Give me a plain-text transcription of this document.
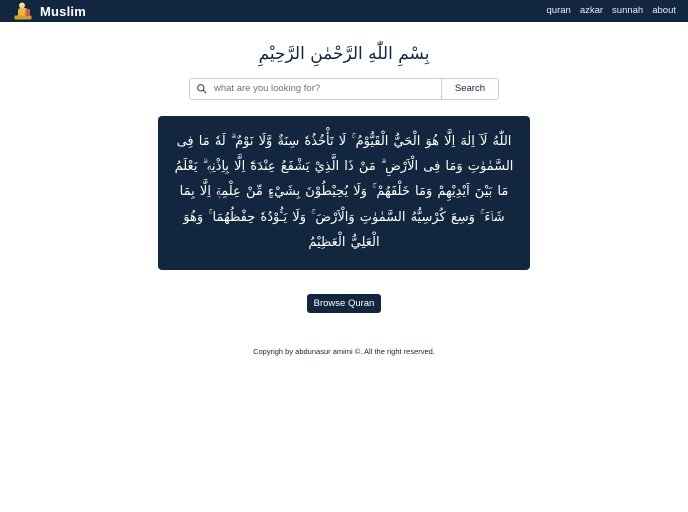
Muslim	quran azkar sunnah about
بِسْمِ اللّٰهِ الرَّحْمٰنِ الرَّحِيْمِ
what are you looking for?
Search
اللّٰهُ لَآ اِلٰهَ اِلَّا هُوَ الْحَيُّ الْقَيُّوْمُ ۚ لَا تَأْخُذُهٗ سِنَةٌ وَّلَا نَوْمٌ ۗ لَهٗ مَا فِى السَّمٰوٰتِ وَمَا فِى الْاَرْضِ ۗ مَنْ ذَا الَّذِيْ يَشْفَعُ عِنْدَهٗٓ اِلَّا بِاِذْنِهٖ ۗ يَعْلَمُ مَا بَيْنَ اَيْدِيْهِمْ وَمَا خَلْفَهُمْ ۚ وَلَا يُحِيْطُوْنَ بِشَيْءٍ مِّنْ عِلْمِهٖٓ اِلَّا بِمَا شَاۤءَ ۚ وَسِعَ كُرْسِيُّهُ السَّمٰوٰتِ وَالْاَرْضَ ۚ وَلَا يَـُٔوْدُهٗ حِفْظُهُمَا ۚ وَهُوَ الْعَلِيُّ الْعَظِيْمُ
Browse Quran
Copyrigh by abdunasur amimi ©. All the right reserved.
